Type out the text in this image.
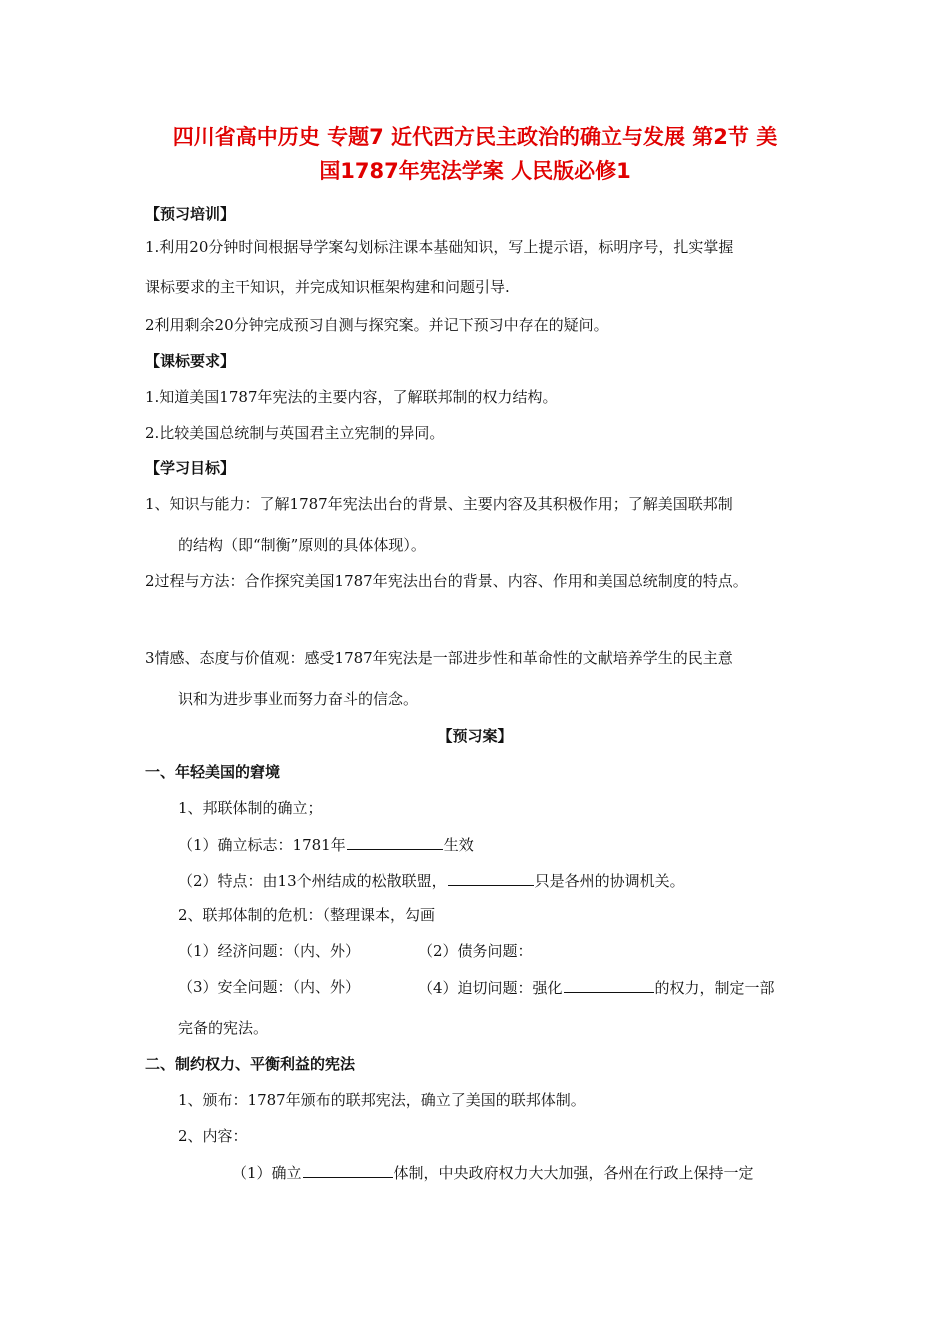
四川省高中历史 专题7 近代西方民主政治的确立与发展 第2节 美
国1787年宪法学案 人民版必修1
【预习培训】
1.利用20分钟时间根据导学案勾划标注课本基础知识，写上提示语，标明序号，扎实掌握
课标要求的主干知识，并完成知识框架构建和问题引导.
2利用剩余20分钟完成预习自测与探究案。并记下预习中存在的疑问。
【课标要求】
1.知道美国1787年宪法的主要内容，了解联邦制的权力结构。
2.比较美国总统制与英国君主立宪制的异同。
【学习目标】
1、知识与能力：了解1787年宪法出台的背景、主要内容及其积极作用；了解美国联邦制
的结构（即“制衡”原则的具体体现）。
2过程与方法：合作探究美国1787年宪法出台的背景、内容、作用和美国总统制度的特点。
3情感、态度与价值观：感受1787年宪法是一部进步性和革命性的文献培养学生的民主意
识和为进步事业而努力奋斗的信念。
【预习案】
一、年轻美国的窘境
1、邦联体制的确立；
（1）确立标志：1781年	生效
（2）特点：由13个州结成的松散联盟，	只是各州的协调机关。
2、联邦体制的危机：（整理课本，勾画
（1）经济问题：（内、外）	（2）债务问题：
（3）安全问题：（内、外）	（4）迫切问题：强化	的权力，制定一部
完备的宪法。
二、制约权力、平衡利益的宪法
1、颁布：1787年颁布的联邦宪法，确立了美国的联邦体制。
2、内容：
（1）确立	体制，中央政府权力大大加强，各州在行政上保持一定
